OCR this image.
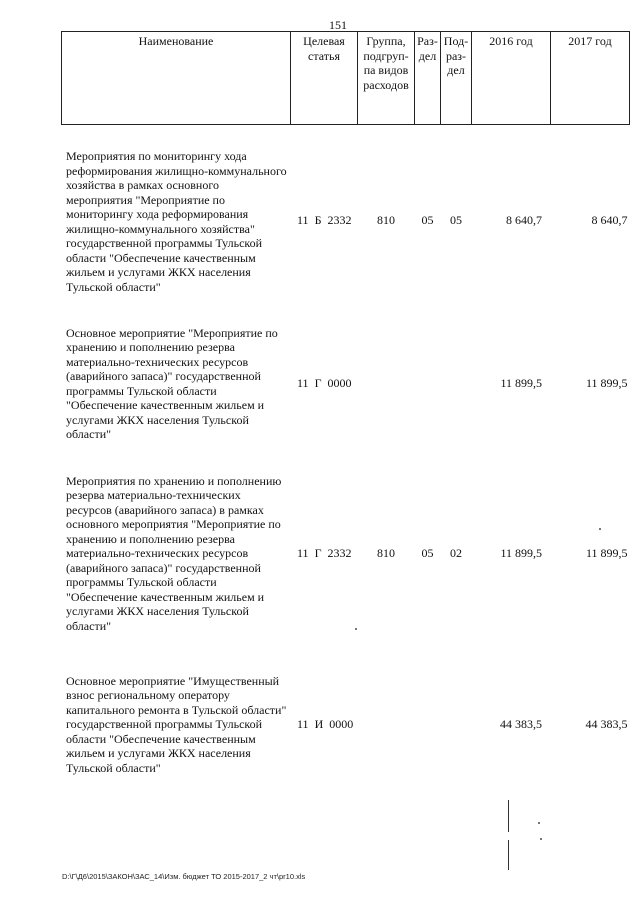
151
Наименование	Целевая статья	Группа, подгруп-па видов расходов	Раз-дел	Под-раз-дел	2016 год	2017 год
Мероприятия по мониторингу хода реформирования жилищно-коммунального хозяйства в рамках основного мероприятия "Мероприятие по мониторингу хода реформирования жилищно-коммунального хозяйства" государственной программы Тульской области "Обеспечение качественным жильем и услугами ЖКХ населения Тульской области"	11 Б 2332	810	05	05	8 640,7	8 640,7
Основное мероприятие "Мероприятие по хранению и пополнению резерва материально-технических ресурсов (аварийного запаса)" государственной программы Тульской области "Обеспечение качественным жильем и услугами ЖКХ населения Тульской области"	11 Г 0000				11 899,5	11 899,5
Мероприятия по хранению и пополнению резерва материально-технических ресурсов (аварийного запаса) в рамках основного мероприятия "Мероприятие по хранению и пополнению резерва материально-технических ресурсов (аварийного запаса)" государственной программы Тульской области "Обеспечение качественным жильем и услугами ЖКХ населения Тульской области"	11 Г 2332	810	05	02	11 899,5	11 899,5
Основное мероприятие "Имущественный взнос региональному оператору капитального ремонта в Тульской области" государственной программы Тульской области "Обеспечение качественным жильем и услугами ЖКХ населения Тульской области"	11 И 0000				44 383,5	44 383,5
D:\Г\Д6\2015\ЗАКОН\ЗАС_14\Изм. бюджет ТО 2015-2017_2 чт\pr10.xls
